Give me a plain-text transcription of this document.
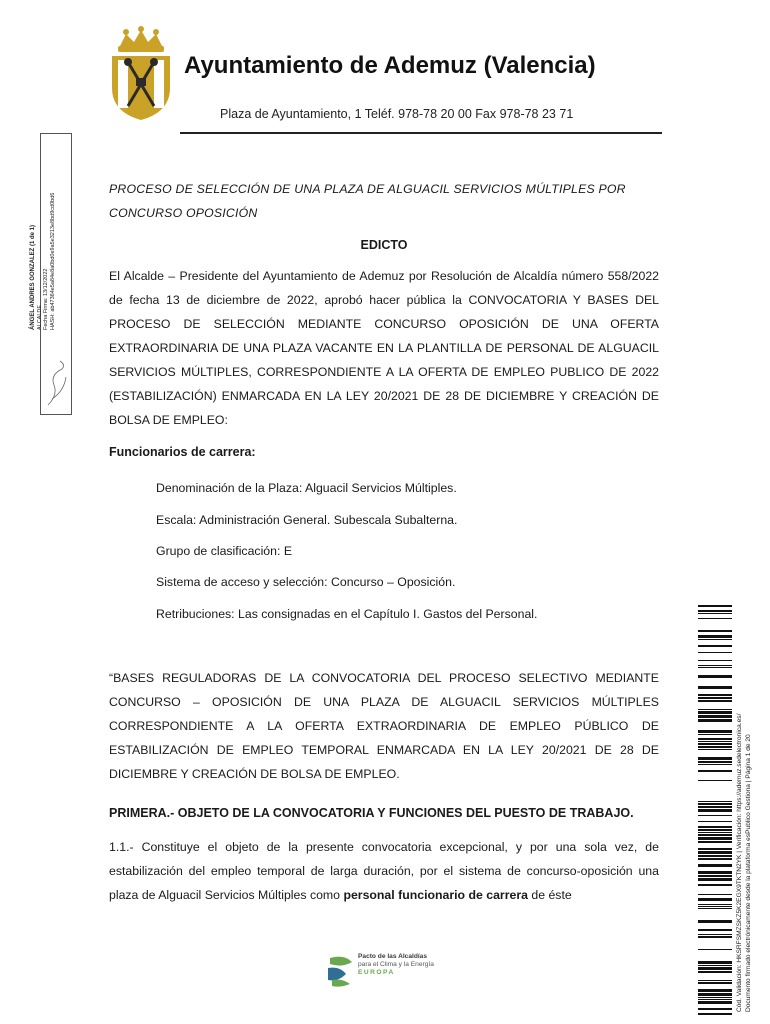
Ayuntamiento de Ademuz (Valencia)
Plaza de Ayuntamiento, 1 Teléf. 978-78 20 00 Fax 978-78 23 71
ÁNGEL ANDRES GONZALEZ (1 de 1) ALCALDE Fecha Firma: 13/12/2022 HASH: ab47364e5a84e8a0bd0e9a5e3213e8bd9cd0bd6
PROCESO DE SELECCIÓN DE UNA PLAZA DE ALGUACIL SERVICIOS MÚLTIPLES POR CONCURSO OPOSICIÓN
EDICTO
El Alcalde – Presidente del Ayuntamiento de Ademuz por Resolución de Alcaldía número 558/2022 de fecha 13 de diciembre de 2022, aprobó hacer pública la CONVOCATORIA Y BASES DEL PROCESO DE SELECCIÓN MEDIANTE CONCURSO OPOSICIÓN DE UNA OFERTA EXTRAORDINARIA DE UNA PLAZA VACANTE EN LA PLANTILLA DE PERSONAL DE ALGUACIL SERVICIOS MÚLTIPLES, CORRESPONDIENTE A LA OFERTA DE EMPLEO PUBLICO DE 2022 (ESTABILIZACIÓN) ENMARCADA EN LA LEY 20/2021 DE 28 DE DICIEMBRE Y CREACIÓN DE BOLSA DE EMPLEO:
Funcionarios de carrera:
Denominación de la Plaza: Alguacil Servicios Múltiples.
Escala: Administración General. Subescala Subalterna.
Grupo de clasificación: E
Sistema de acceso y selección: Concurso – Oposición.
Retribuciones: Las consignadas en el Capítulo I. Gastos del Personal.
“BASES REGULADORAS DE LA CONVOCATORIA DEL PROCESO SELECTIVO MEDIANTE CONCURSO – OPOSICIÓN DE UNA PLAZA DE ALGUACIL SERVICIOS MÚLTIPLES CORRESPONDIENTE A LA OFERTA EXTRAORDINARIA DE EMPLEO PÚBLICO DE ESTABILIZACIÓN DE EMPLEO TEMPORAL ENMARCADA EN LA LEY 20/2021 DE 28 DE DICIEMBRE Y CREACIÓN DE BOLSA DE EMPLEO.
PRIMERA.- OBJETO DE LA CONVOCATORIA Y FUNCIONES DEL PUESTO DE TRABAJO.
1.1.- Constituye el objeto de la presente convocatoria excepcional, y por una sola vez, de estabilización del empleo temporal de larga duración, por el sistema de concurso-oposición una plaza de Alguacil Servicios Múltiples como personal funcionario de carrera de éste	Cód. Validación: HKSRFSMZSKZ5K2EGX9TKTN2YK | Verificación: https://ademuz.sedelectronica.es/ Documento firmado electrónicamente desde la plataforma esPublico Gestiona | Página 1 de 20
Pacto de las Alcaldías
para el Clima y la Energía
EUROPA
